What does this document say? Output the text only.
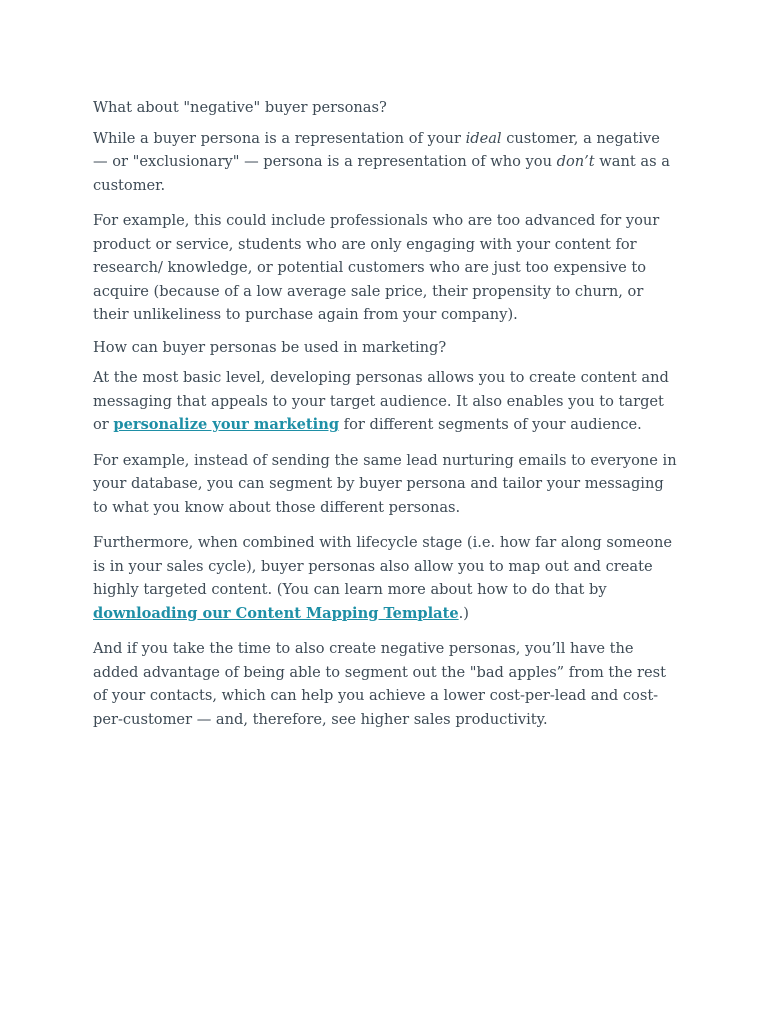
What about "negative" buyer personas?

While a buyer persona is a representation of your ideal customer, a negative — or "exclusionary" — persona is a representation of who you don’t want as a customer.

For example, this could include professionals who are too advanced for your product or service, students who are only engaging with your content for research/ knowledge, or potential customers who are just too expensive to acquire (because of a low average sale price, their propensity to churn, or their unlikeliness to purchase again from your company).

How can buyer personas be used in marketing?

At the most basic level, developing personas allows you to create content and messaging that appeals to your target audience. It also enables you to target or personalize your marketing for different segments of your audience.

For example, instead of sending the same lead nurturing emails to everyone in your database, you can segment by buyer persona and tailor your messaging to what you know about those different personas.

Furthermore, when combined with lifecycle stage (i.e. how far along someone is in your sales cycle), buyer personas also allow you to map out and create highly targeted content. (You can learn more about how to do that by downloading our Content Mapping Template.)

And if you take the time to also create negative personas, you’ll have the added advantage of being able to segment out the "bad apples” from the rest of your contacts, which can help you achieve a lower cost-per-lead and cost-per-customer — and, therefore, see higher sales productivity.
